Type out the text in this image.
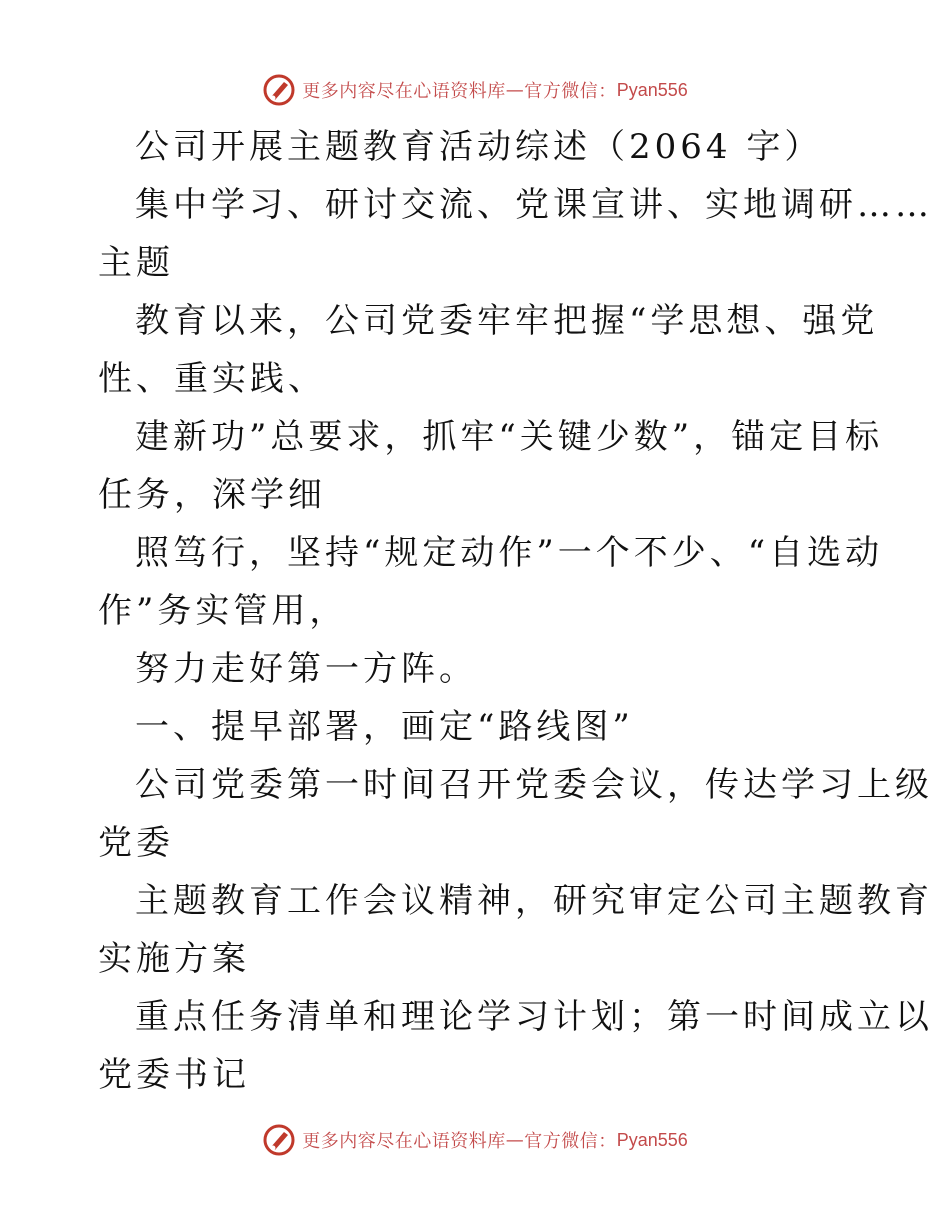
更多内容尽在心语资料库 — 官方微信： Pyan556
公司开展主题教育活动综述（2064 字）
集中学习、研讨交流、党课宣讲、实地调研……
主题
教育以来，公司党委牢牢把握“学思想、强党
性、重实践、
建新功”总要求，抓牢“关键少数”，锚定目标
任务，深学细
照笃行，坚持“规定动作”一个不少、“自选动
作”务实管用，
努力走好第一方阵。
一、提早部署，画定“路线图”
公司党委第一时间召开党委会议，传达学习上级
党委
主题教育工作会议精神，研究审定公司主题教育
实施方案
重点任务清单和理论学习计划；第一时间成立以
党委书记
更多内容尽在心语资料库 — 官方微信： Pyan556
